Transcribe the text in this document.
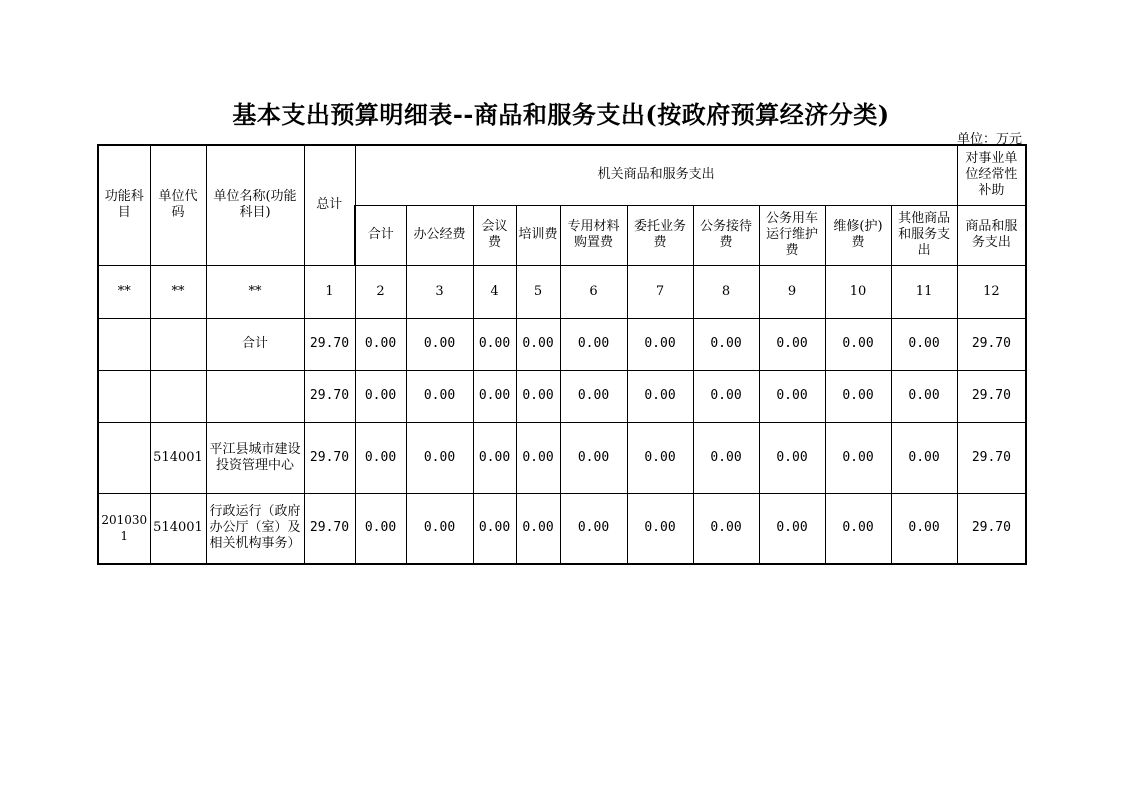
基本支出预算明细表--商品和服务支出(按政府预算经济分类)
单位：万元
功能科目	单位代码	单位名称(功能科目)	总计	机关商品和服务支出										对事业单位经常性补助
				合计	办公经费	会议费	培训费	专用材料购置费	委托业务费	公务接待费	公务用车运行维护费	维修(护)费	其他商品和服务支出	商品和服务支出
**	**	**	1	2	3	4	5	6	7	8	9	10	11	12
		合计	29.70	0.00	0.00	0.00	0.00	0.00	0.00	0.00	0.00	0.00	0.00	29.70
			29.70	0.00	0.00	0.00	0.00	0.00	0.00	0.00	0.00	0.00	0.00	29.70
	514001	平江县城市建设投资管理中心	29.70	0.00	0.00	0.00	0.00	0.00	0.00	0.00	0.00	0.00	0.00	29.70
2010301	514001	行政运行（政府办公厅（室）及相关机构事务）	29.70	0.00	0.00	0.00	0.00	0.00	0.00	0.00	0.00	0.00	0.00	29.70
